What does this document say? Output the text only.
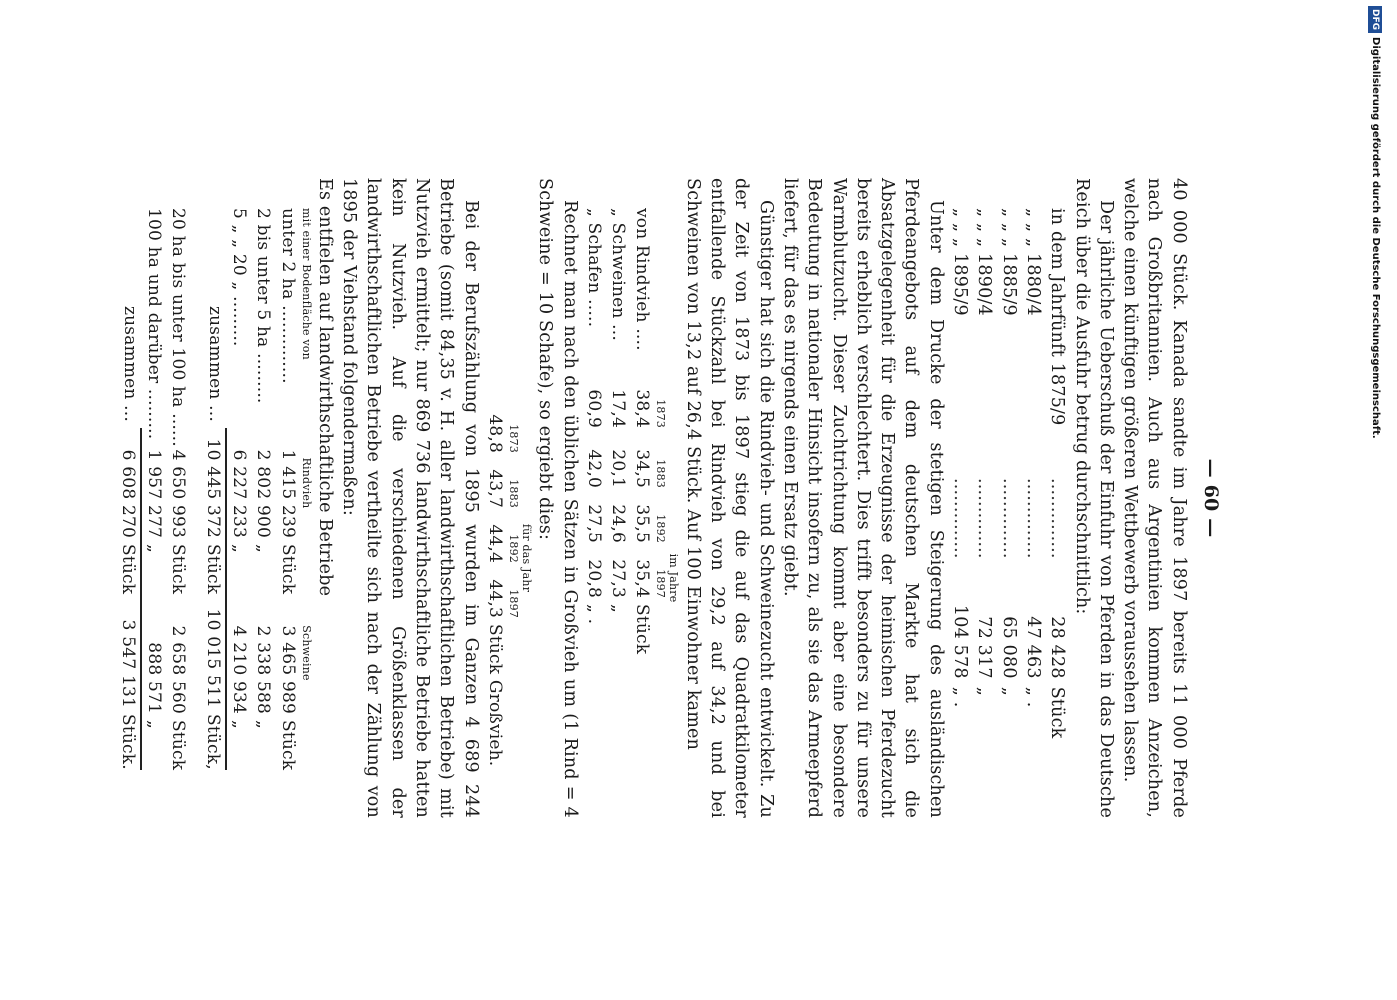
— 60 —
40 000 Stück. Kanada sandte im Jahre 1897 bereits 11 000 Pferde nach Großbritannien. Auch aus Argentinien kommen Anzeichen, welche einen künftigen größeren Wettbewerb voraussehen lassen.
Der jährliche Ueberschuß der Einfuhr von Pferden in das Deutsche Reich über die Ausfuhr betrug durchschnittlich:
in dem Jahrfünft 1875/9
..............
28 428
Stück
„ „ „ 1880/4
..............
47 463
„ .
„ „ „ 1885/9
..............
65 080
„
„ „ „ 1890/4
..............
72 317
„
„ „ „ 1895/9
..............
104 578
„ .
Unter dem Drucke der stetigen Steigerung des ausländischen Pferdeangebots auf dem deutschen Markte hat sich die Absatzgelegenheit für die Erzeugnisse der heimischen Pferdezucht bereits erheblich verschlechtert. Dies trifft besonders zu für unsere Warmblutzucht. Dieser Zuchtrichtung kommt aber eine besondere Bedeutung in nationaler Hinsicht insofern zu, als sie das Armeepferd liefert, für das es nirgends einen Ersatz giebt.
Günstiger hat sich die Rindvieh- und Schweinezucht entwickelt. Zu der Zeit von 1873 bis 1897 stieg die auf das Quadratkilometer entfallende Stückzahl bei Rindvieh von 29,2 auf 34,2 und bei Schweinen von 13,2 auf 26,4 Stück. Auf 100 Einwohner kamen
im Jahre
1873
1883
1892
1897
von Rindvieh ....
38,4
34,5
35,5
35,4
Stück
„ Schweinen ...
17,4
20,1
24,6
27,3
„
„ Schafen .....
60,9
42,0
27,5
20,8
„ .
Rechnet man nach den üblichen Sätzen in Großvieh um (1 Rind = 4 Schweine = 10 Schafe), so ergiebt dies:
für das Jahr
1873
1883
1892
1897
48,8
43,7
44,4
44,3
Stück Großvieh.
Bei der Berufszählung von 1895 wurden im Ganzen 4 689 244 Betriebe (somit 84,35 v. H. aller landwirthschaftlichen Betriebe) mit Nutzvieh ermittelt; nur 869 736 landwirthschaftliche Betriebe hatten kein Nutzvieh. Auf die verschiedenen Größenklassen der landwirthschaftlichen Betriebe vertheilte sich nach der Zählung von 1895 der Viehstand folgendermaßen:
Es entfielen auf landwirthschaftliche Betriebe
mit einer Bodenfläche von
Rindvieh
Schweine
unter 2 ha ..............
1 415 239
Stück
3 465 989
Stück
2 bis unter 5 ha .........
2 802 900
„
2 338 588
„
5 „ „ 20 „ .........
6 227 233
„
4 210 934
„
zusammen ...
10 445 372
Stück
10 015 511
Stück,
20 ha bis unter 100 ha ......
4 650 993
Stück
2 658 560
Stück
100 ha und darüber .........
1 957 277
„
888 571
„
zusammen ...
6 608 270
Stück
3 547 131
Stück.
DFGDigitalisierung gefördert durch die Deutsche Forschungsgemeinschaft.
